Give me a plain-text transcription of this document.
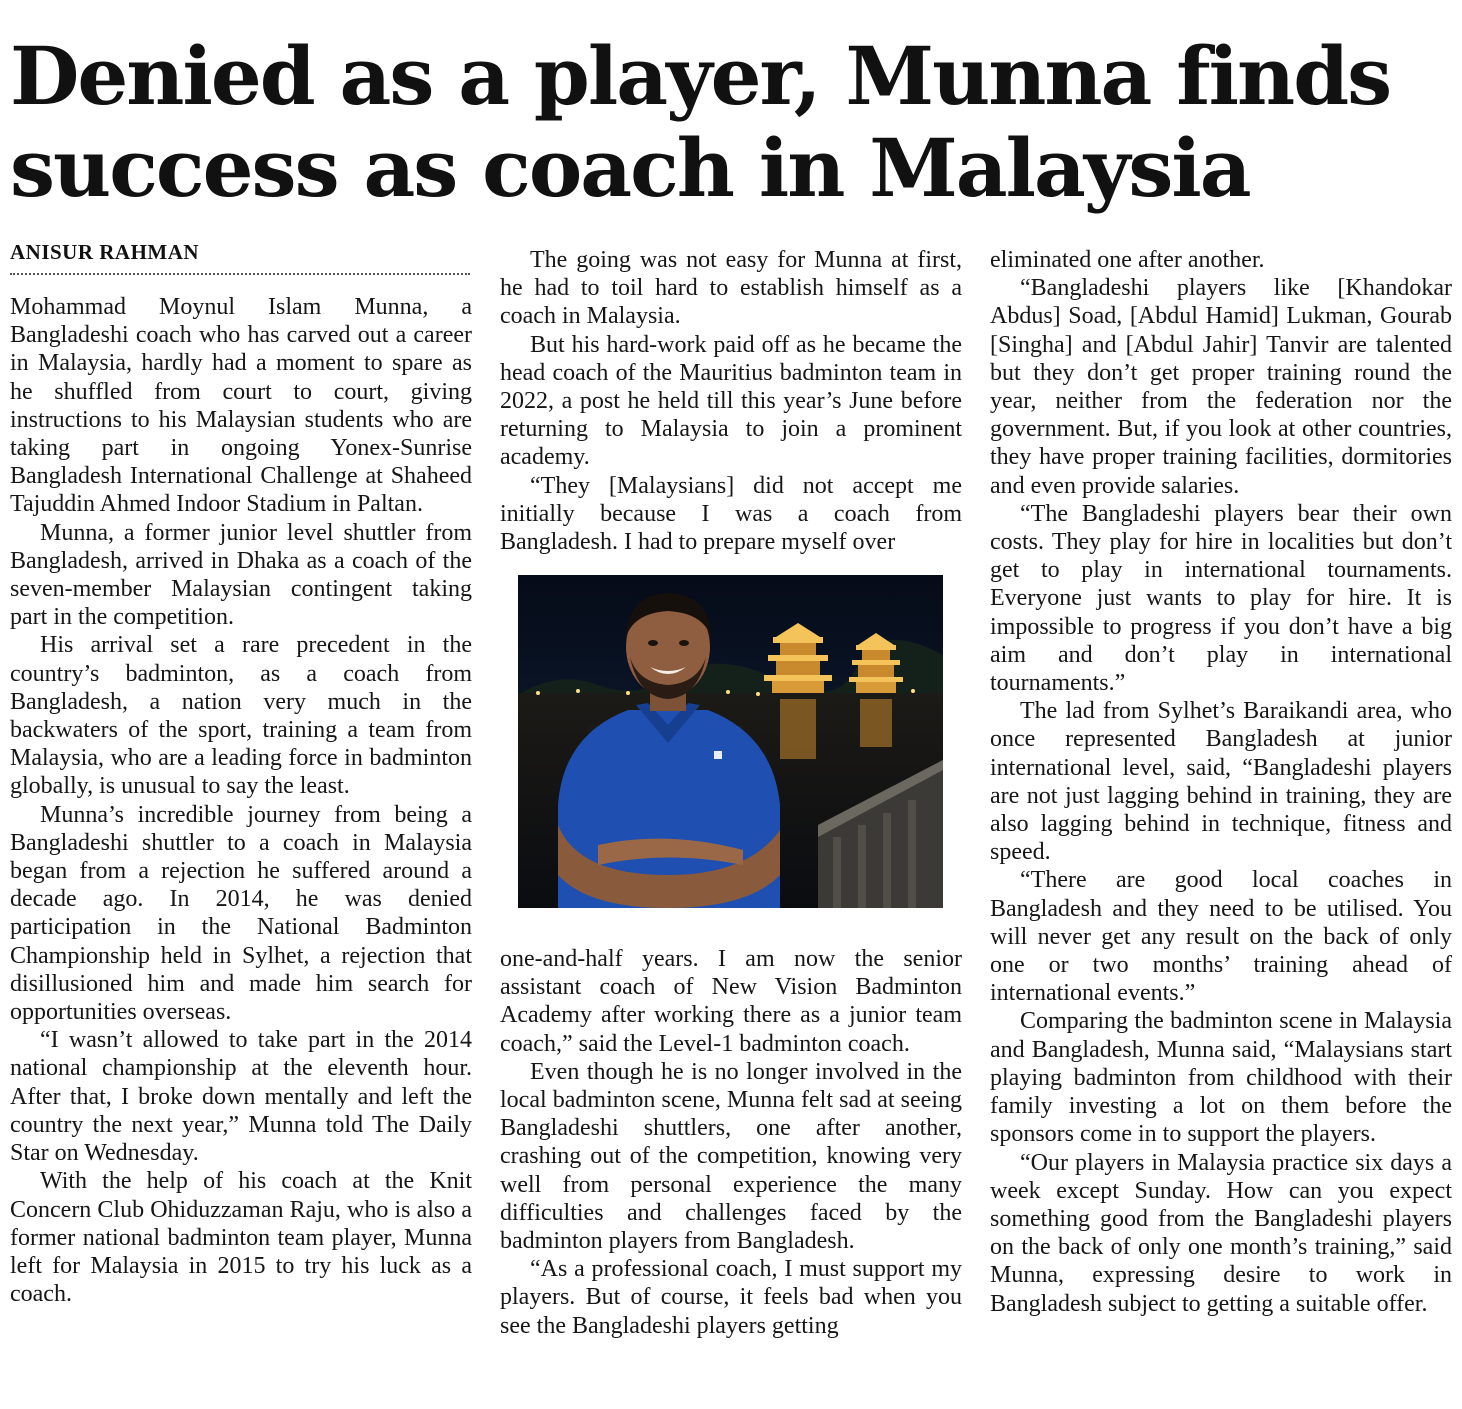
Denied as a player, Munna finds success as coach in Malaysia
ANISUR RAHMAN

Mohammad Moynul Islam Munna, a Bangladeshi coach who has carved out a career in Malaysia, hardly had a moment to spare as he shuffled from court to court, giving instructions to his Malaysian students who are taking part in ongoing Yonex-Sunrise Bangladesh International Challenge at Shaheed Tajuddin Ahmed Indoor Stadium in Paltan.

Munna, a former junior level shuttler from Bangladesh, arrived in Dhaka as a coach of the seven-member Malaysian contingent taking part in the competition.

His arrival set a rare precedent in the country’s badminton, as a coach from Bangladesh, a nation very much in the backwaters of the sport, training a team from Malaysia, who are a leading force in badminton globally, is unusual to say the least.

Munna’s incredible journey from being a Bangladeshi shuttler to a coach in Malaysia began from a rejection he suffered around a decade ago. In 2014, he was denied participation in the National Badminton Championship held in Sylhet, a rejection that disillusioned him and made him search for opportunities overseas.

“I wasn’t allowed to take part in the 2014 national championship at the eleventh hour. After that, I broke down mentally and left the country the next year,” Munna told The Daily Star on Wednesday.

With the help of his coach at the Knit Concern Club Ohiduzzaman Raju, who is also a former national badminton team player, Munna left for Malaysia in 2015 to try his luck as a coach.

The going was not easy for Munna at first, he had to toil hard to establish himself as a coach in Malaysia.

But his hard-work paid off as he became the head coach of the Mauritius badminton team in 2022, a post he held till this year’s June before returning to Malaysia to join a prominent academy.

“They [Malaysians] did not accept me initially because I was a coach from Bangladesh. I had to prepare myself over

one-and-half years. I am now the senior assistant coach of New Vision Badminton Academy after working there as a junior team coach,” said the Level-1 badminton coach.

Even though he is no longer involved in the local badminton scene, Munna felt sad at seeing Bangladeshi shuttlers, one after another, crashing out of the competition, knowing very well from personal experience the many difficulties and challenges faced by the badminton players from Bangladesh.

“As a professional coach, I must support my players. But of course, it feels bad when you see the Bangladeshi players getting

eliminated one after another.

“Bangladeshi players like [Khandokar Abdus] Soad, [Abdul Hamid] Lukman, Gourab [Singha] and [Abdul Jahir] Tanvir are talented but they don’t get proper training round the year, neither from the federation nor the government. But, if you look at other countries, they have proper training facilities, dormitories and even provide salaries.

“The Bangladeshi players bear their own costs. They play for hire in localities but don’t get to play in international tournaments. Everyone just wants to play for hire. It is impossible to progress if you don’t have a big aim and don’t play in international tournaments.”

The lad from Sylhet’s Baraikandi area, who once represented Bangladesh at junior international level, said, “Bangladeshi players are not just lagging behind in training, they are also lagging behind in technique, fitness and speed.

“There are good local coaches in Bangladesh and they need to be utilised. You will never get any result on the back of only one or two months’ training ahead of international events.”

Comparing the badminton scene in Malaysia and Bangladesh, Munna said, “Malaysians start playing badminton from childhood with their family investing a lot on them before the sponsors come in to support the players.

“Our players in Malaysia practice six days a week except Sunday. How can you expect something good from the Bangladeshi players on the back of only one month’s training,” said Munna, expressing desire to work in Bangladesh subject to getting a suitable offer.
